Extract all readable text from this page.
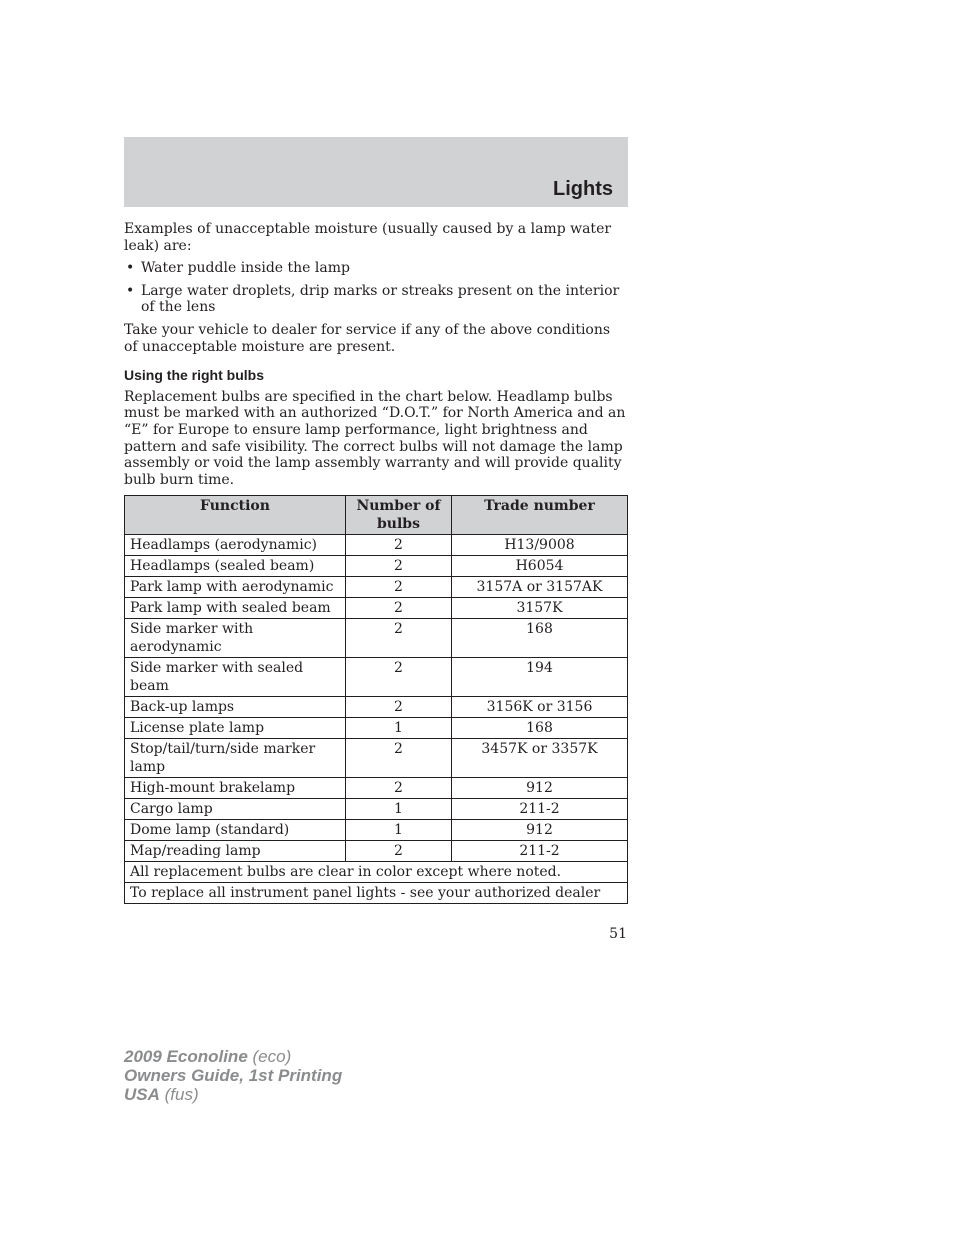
Lights

Examples of unacceptable moisture (usually caused by a lamp water leak) are:

• Water puddle inside the lamp
• Large water droplets, drip marks or streaks present on the interior of the lens

Take your vehicle to dealer for service if any of the above conditions of unacceptable moisture are present.

Using the right bulbs

Replacement bulbs are specified in the chart below. Headlamp bulbs must be marked with an authorized “D.O.T.” for North America and an “E” for Europe to ensure lamp performance, light brightness and pattern and safe visibility. The correct bulbs will not damage the lamp assembly or void the lamp assembly warranty and will provide quality bulb burn time.

Function	Number of bulbs	Trade number
Headlamps (aerodynamic)	2	H13/9008
Headlamps (sealed beam)	2	H6054
Park lamp with aerodynamic	2	3157A or 3157AK
Park lamp with sealed beam	2	3157K
Side marker with aerodynamic	2	168
Side marker with sealed beam	2	194
Back-up lamps	2	3156K or 3156
License plate lamp	1	168
Stop/tail/turn/side marker lamp	2	3457K or 3357K
High-mount brakelamp	2	912
Cargo lamp	1	211-2
Dome lamp (standard)	1	912
Map/reading lamp	2	211-2
All replacement bulbs are clear in color except where noted.		
To replace all instrument panel lights - see your authorized dealer		
51
2009 Econoline (eco)
Owners Guide, 1st Printing
USA (fus)
